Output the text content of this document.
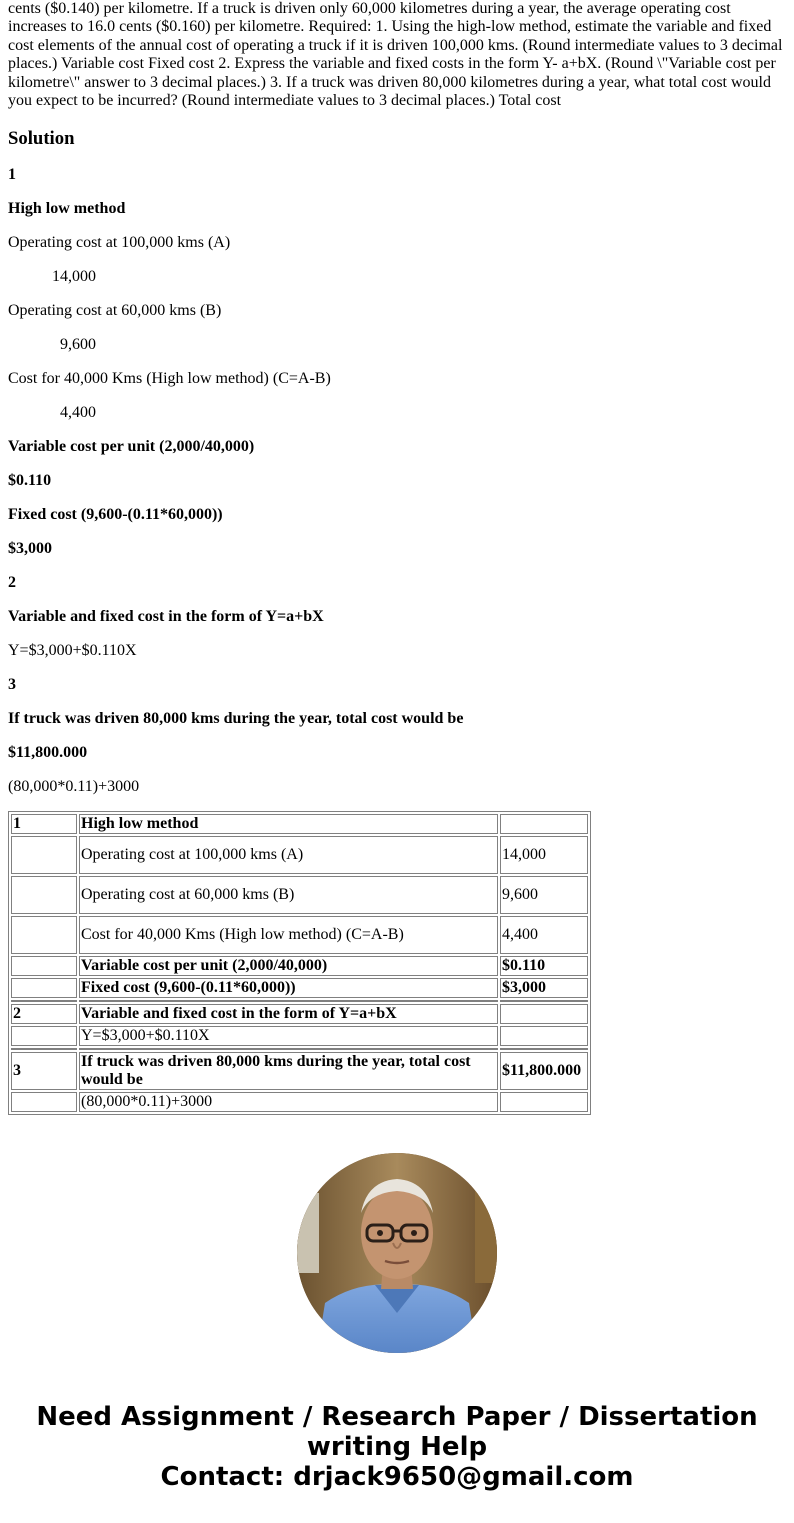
cents ($0.140) per kilometre. If a truck is driven only 60,000 kilometres during a year, the average operating cost increases to 16.0 cents ($0.160) per kilometre. Required: 1. Using the high-low method, estimate the variable and fixed cost elements of the annual cost of operating a truck if it is driven 100,000 kms. (Round intermediate values to 3 decimal places.) Variable cost Fixed cost 2. Express the variable and fixed costs in the form Y- a+bX. (Round \"Variable cost per kilometre\" answer to 3 decimal places.) 3. If a truck was driven 80,000 kilometres during a year, what total cost would you expect to be incurred? (Round intermediate values to 3 decimal places.) Total cost

Solution

1

High low method

Operating cost at 100,000 kms (A)

14,000

Operating cost at 60,000 kms (B)

9,600

Cost for 40,000 Kms (High low method) (C=A-B)

4,400

Variable cost per unit (2,000/40,000)

$0.110

Fixed cost (9,600-(0.11*60,000))

$3,000

2

Variable and fixed cost in the form of Y=a+bX

Y=$3,000+$0.110X

3

If truck was driven 80,000 kms during the year, total cost would be

$11,800.000

(80,000*0.11)+3000

1	High low method	
	Operating cost at 100,000 kms (A)	14,000
	Operating cost at 60,000 kms (B)	9,600
	Cost for 40,000 Kms (High low method) (C=A-B)	4,400
	Variable cost per unit (2,000/40,000)	$0.110
	Fixed cost (9,600-(0.11*60,000))	$3,000

2	Variable and fixed cost in the form of Y=a+bX	
	Y=$3,000+$0.110X	

3	If truck was driven 80,000 kms during the year, total cost would be	$11,800.000
	(80,000*0.11)+3000	
Need Assignment / Research Paper / Dissertation
writing Help
Contact: drjack9650@gmail.com
